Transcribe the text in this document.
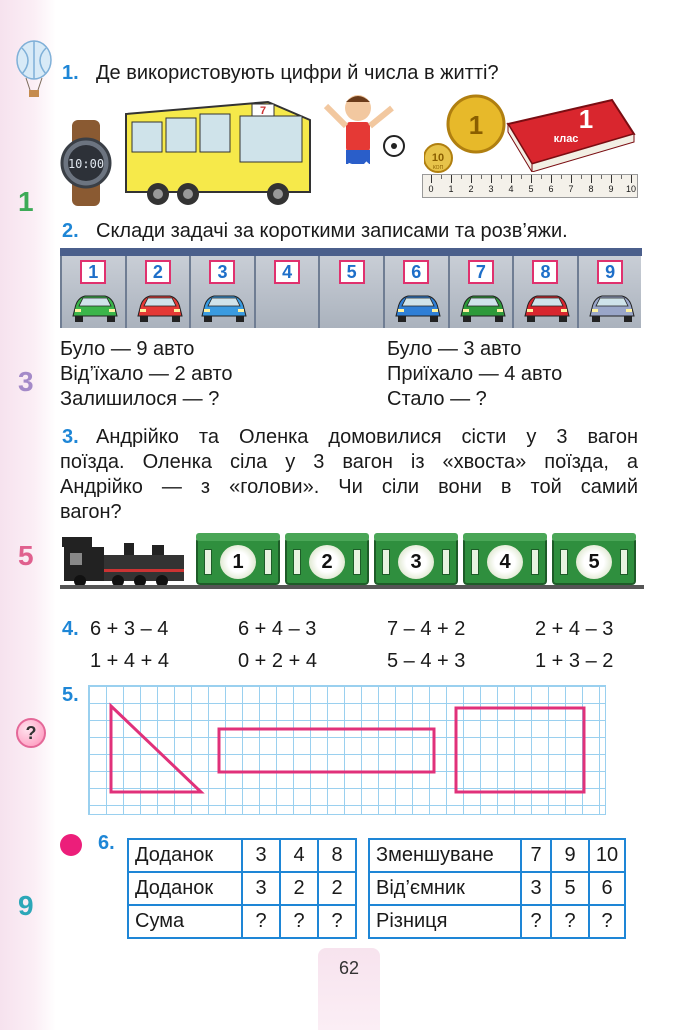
1
3
5
?
9
1. Де використовують цифри й числа в житті?
10:00
7	1
10
КОП
1
клас
0	1	2	3	4	5	6	7	8	9	10
2. Склади задачі за короткими записами та розв’яжи.
1	2	3	4	5	6	7	8	9
Було — 9 авто
Від’їхало — 2 авто
Залишилося — ?
Було — 3 авто
Приїхало — 4 авто
Стало — ?
3. Андрійко та Оленка домовилися сісти у 3 вагон
поїзда. Оленка сіла у 3 вагон із «хвоста» поїзда, а
Андрійко — з «голови». Чи сіли вони в той самий
вагон?
1	2	3	4	5
4. 6 + 3 – 4	6 + 4 – 3	7 – 4 + 2	2 + 4 – 3
1 + 4 + 4	0 + 2 + 4	5 – 4 + 3	1 + 3 – 2
5.
6.
Доданок	3	4	8
Доданок	3	2	2
Сума	?	?	?
Зменшуване	7	9	10
Від’ємник	3	5	6
Різниця	?	?	?
62
